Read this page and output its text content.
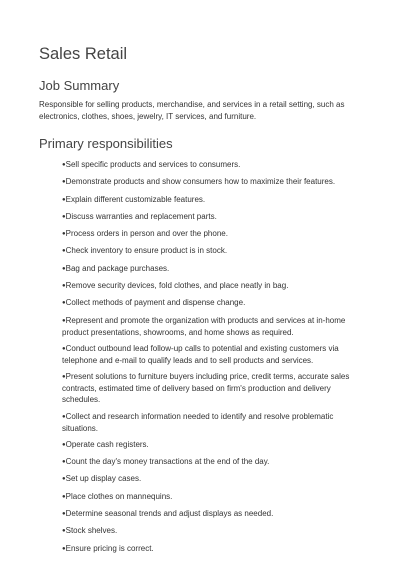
Sales Retail
Job Summary

Responsible for selling products, merchandise, and services in a retail setting, such as electronics, clothes, shoes, jewelry, IT services, and furniture.

Primary responsibilities
●Sell specific products and services to consumers.
●Demonstrate products and show consumers how to maximize their features.
●Explain different customizable features.
●Discuss warranties and replacement parts.
●Process orders in person and over the phone.
●Check inventory to ensure product is in stock.
●Bag and package purchases.
●Remove security devices, fold clothes, and place neatly in bag.
●Collect methods of payment and dispense change.
●Represent and promote the organization with products and services at in-home product presentations, showrooms, and home shows as required.
●Conduct outbound lead follow-up calls to potential and existing customers via telephone and e-mail to qualify leads and to sell products and services.
●Present solutions to furniture buyers including price, credit terms, accurate sales contracts, estimated time of delivery based on firm's production and delivery schedules.
●Collect and research information needed to identify and resolve problematic situations.
●Operate cash registers.
●Count the day's money transactions at the end of the day.
●Set up display cases.
●Place clothes on mannequins.
●Determine seasonal trends and adjust displays as needed.
●Stock shelves.
●Ensure pricing is correct.
